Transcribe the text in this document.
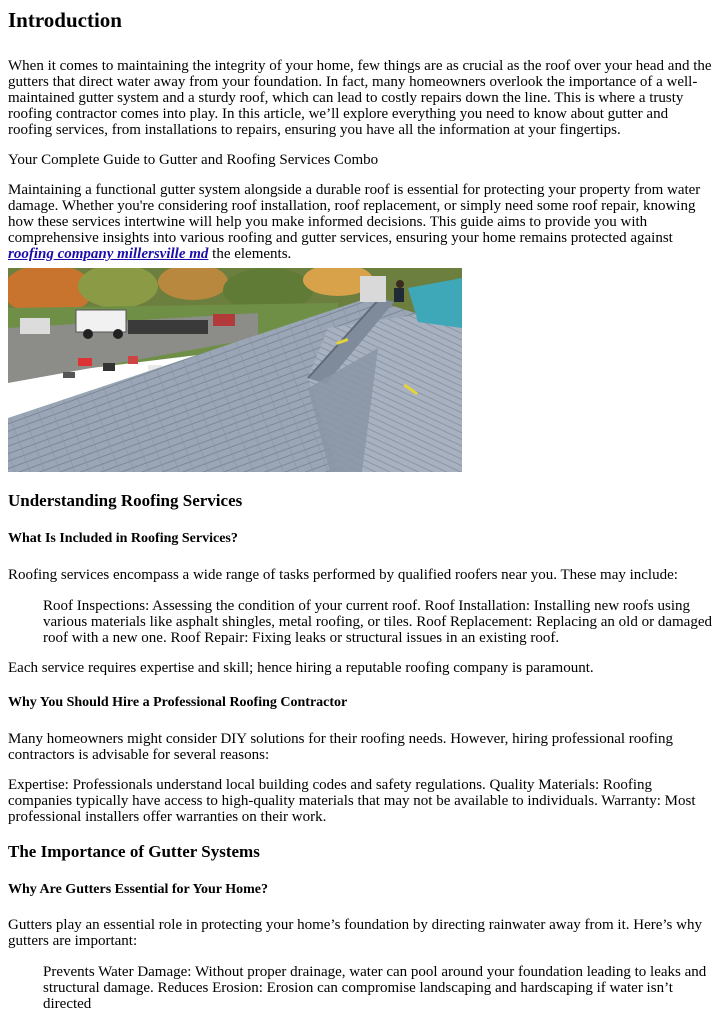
Introduction

When it comes to maintaining the integrity of your home, few things are as crucial as the roof over your head and the gutters that direct water away from your foundation. In fact, many homeowners overlook the importance of a well-maintained gutter system and a sturdy roof, which can lead to costly repairs down the line. This is where a trusty roofing contractor comes into play. In this article, we’ll explore everything you need to know about gutter and roofing services, from installations to repairs, ensuring you have all the information at your fingertips.

Your Complete Guide to Gutter and Roofing Services Combo

Maintaining a functional gutter system alongside a durable roof is essential for protecting your property from water damage. Whether you're considering roof installation, roof replacement, or simply need some roof repair, knowing how these services intertwine will help you make informed decisions. This guide aims to provide you with comprehensive insights into various roofing and gutter services, ensuring your home remains protected against roofing company millersville md the elements.

Understanding Roofing Services
What Is Included in Roofing Services?

Roofing services encompass a wide range of tasks performed by qualified roofers near you. These may include:

Roof Inspections: Assessing the condition of your current roof. Roof Installation: Installing new roofs using various materials like asphalt shingles, metal roofing, or tiles. Roof Replacement: Replacing an old or damaged roof with a new one. Roof Repair: Fixing leaks or structural issues in an existing roof.

Each service requires expertise and skill; hence hiring a reputable roofing company is paramount.

Why You Should Hire a Professional Roofing Contractor

Many homeowners might consider DIY solutions for their roofing needs. However, hiring professional roofing contractors is advisable for several reasons:

Expertise: Professionals understand local building codes and safety regulations. Quality Materials: Roofing companies typically have access to high-quality materials that may not be available to individuals. Warranty: Most professional installers offer warranties on their work.

The Importance of Gutter Systems
Why Are Gutters Essential for Your Home?

Gutters play an essential role in protecting your home’s foundation by directing rainwater away from it. Here’s why gutters are important:

Prevents Water Damage: Without proper drainage, water can pool around your foundation leading to leaks and structural damage. Reduces Erosion: Erosion can compromise landscaping and hardscaping if water isn’t directed
